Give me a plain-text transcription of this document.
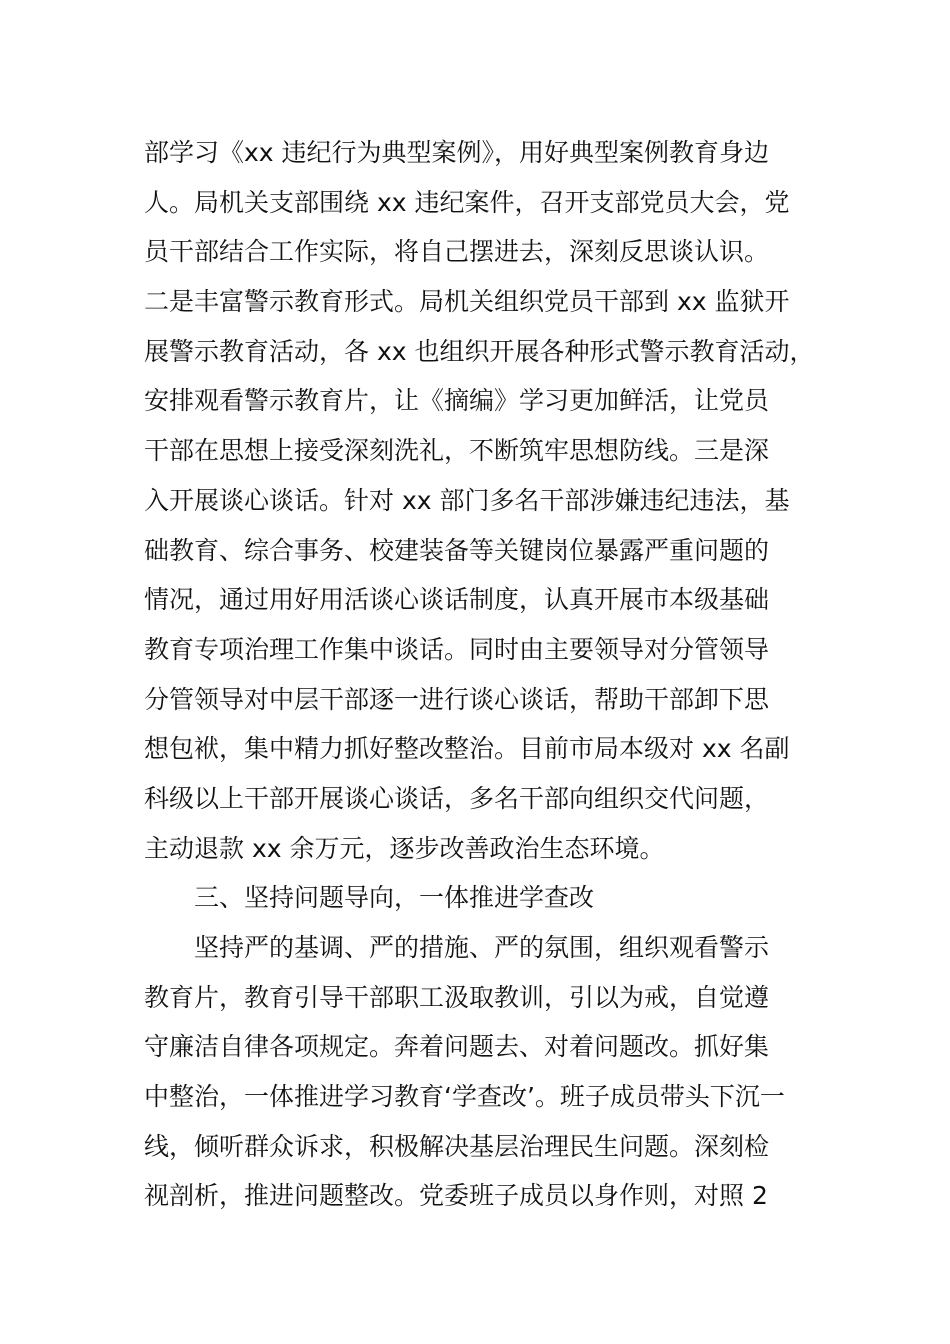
部学习《xx 违纪行为典型案例》，用好典型案例教育身边
人。局机关支部围绕 xx 违纪案件，召开支部党员大会，党
员干部结合工作实际，将自己摆进去，深刻反思谈认识。
二是丰富警示教育形式。局机关组织党员干部到 xx 监狱开
展警示教育活动，各 xx 也组织开展各种形式警示教育活动，
安排观看警示教育片，让《摘编》学习更加鲜活，让党员
干部在思想上接受深刻洗礼，不断筑牢思想防线。三是深
入开展谈心谈话。针对 xx 部门多名干部涉嫌违纪违法，基
础教育、综合事务、校建装备等关键岗位暴露严重问题的
情况，通过用好用活谈心谈话制度，认真开展市本级基础
教育专项治理工作集中谈话。同时由主要领导对分管领导
分管领导对中层干部逐一进行谈心谈话，帮助干部卸下思
想包袱，集中精力抓好整改整治。目前市局本级对 xx 名副
科级以上干部开展谈心谈话，多名干部向组织交代问题，
主动退款 xx 余万元，逐步改善政治生态环境。
三、坚持问题导向，一体推进学查改
坚持严的基调、严的措施、严的氛围，组织观看警示
教育片，教育引导干部职工汲取教训，引以为戒，自觉遵
守廉洁自律各项规定。奔着问题去、对着问题改。抓好集
中整治，一体推进学习教育‘学查改’。班子成员带头下沉一
线，倾听群众诉求，积极解决基层治理民生问题。深刻检
视剖析，推进问题整改。党委班子成员以身作则，对照 2
